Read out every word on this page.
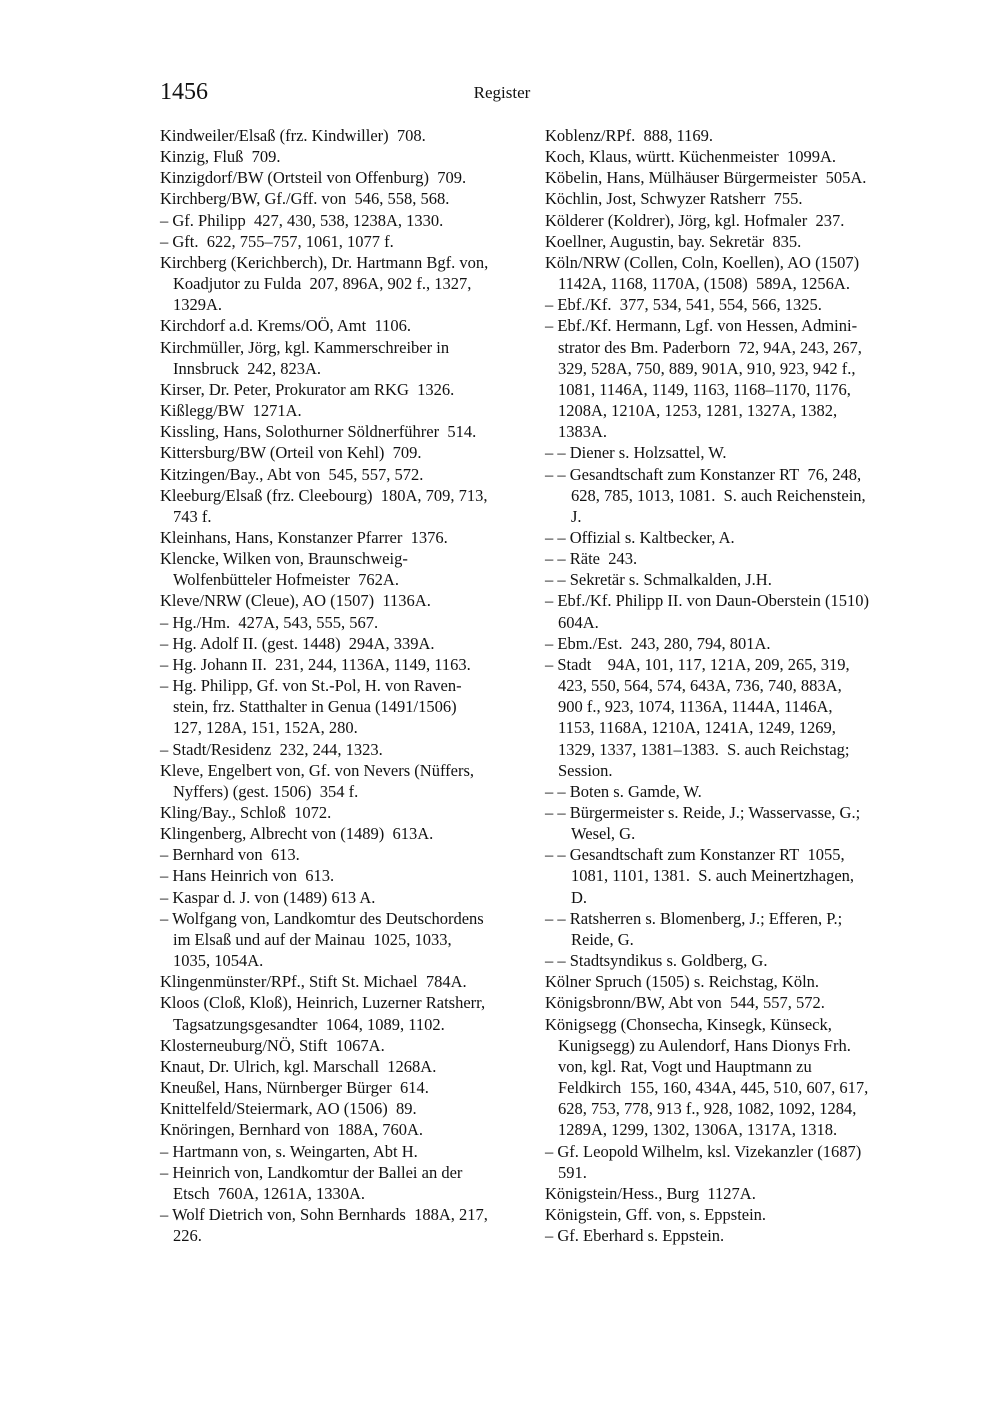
1456	Register
Kindweiler/Elsaß (frz. Kindwiller) 708.
Kinzig, Fluß 709.
Kinzigdorf/BW (Ortsteil von Offenburg) 709.
Kirchberg/BW, Gf./Gff. von 546, 558, 568.
– Gf. Philipp 427, 430, 538, 1238A, 1330.
– Gft. 622, 755–757, 1061, 1077 f.
Kirchberg (Kerichberch), Dr. Hartmann Bgf. von,
Koadjutor zu Fulda 207, 896A, 902 f., 1327,
1329A.
Kirchdorf a.d. Krems/OÖ, Amt 1106.
Kirchmüller, Jörg, kgl. Kammerschreiber in
Innsbruck 242, 823A.
Kirser, Dr. Peter, Prokurator am RKG 1326.
Kißlegg/BW 1271A.
Kissling, Hans, Solothurner Söldnerführer 514.
Kittersburg/BW (Orteil von Kehl) 709.
Kitzingen/Bay., Abt von 545, 557, 572.
Kleeburg/Elsaß (frz. Cleebourg) 180A, 709, 713,
743 f.
Kleinhans, Hans, Konstanzer Pfarrer 1376.
Klencke, Wilken von, Braunschweig-
Wolfenbütteler Hofmeister 762A.
Kleve/NRW (Cleue), AO (1507) 1136A.
– Hg./Hm. 427A, 543, 555, 567.
– Hg. Adolf II. (gest. 1448) 294A, 339A.
– Hg. Johann II. 231, 244, 1136A, 1149, 1163.
– Hg. Philipp, Gf. von St.-Pol, H. von Raven-
stein, frz. Statthalter in Genua (1491/1506)
127, 128A, 151, 152A, 280.
– Stadt/Residenz 232, 244, 1323.
Kleve, Engelbert von, Gf. von Nevers (Nüffers,
Nyffers) (gest. 1506) 354 f.
Kling/Bay., Schloß 1072.
Klingenberg, Albrecht von (1489) 613A.
– Bernhard von 613.
– Hans Heinrich von 613.
– Kaspar d. J. von (1489) 613 A.
– Wolfgang von, Landkomtur des Deutschordens
im Elsaß und auf der Mainau 1025, 1033,
1035, 1054A.
Klingenmünster/RPf., Stift St. Michael 784A.
Kloos (Cloß, Kloß), Heinrich, Luzerner Ratsherr,
Tagsatzungsgesandter 1064, 1089, 1102.
Klosterneuburg/NÖ, Stift 1067A.
Knaut, Dr. Ulrich, kgl. Marschall 1268A.
Kneußel, Hans, Nürnberger Bürger 614.
Knittelfeld/Steiermark, AO (1506) 89.
Knöringen, Bernhard von 188A, 760A.
– Hartmann von, s. Weingarten, Abt H.
– Heinrich von, Landkomtur der Ballei an der
Etsch 760A, 1261A, 1330A.
– Wolf Dietrich von, Sohn Bernhards 188A, 217,
226.
Koblenz/RPf. 888, 1169.
Koch, Klaus, württ. Küchenmeister 1099A.
Köbelin, Hans, Mülhäuser Bürgermeister 505A.
Köchlin, Jost, Schwyzer Ratsherr 755.
Kölderer (Koldrer), Jörg, kgl. Hofmaler 237.
Koellner, Augustin, bay. Sekretär 835.
Köln/NRW (Collen, Coln, Koellen), AO (1507)
1142A, 1168, 1170A, (1508) 589A, 1256A.
– Ebf./Kf. 377, 534, 541, 554, 566, 1325.
– Ebf./Kf. Hermann, Lgf. von Hessen, Admini-
strator des Bm. Paderborn 72, 94A, 243, 267,
329, 528A, 750, 889, 901A, 910, 923, 942 f.,
1081, 1146A, 1149, 1163, 1168–1170, 1176,
1208A, 1210A, 1253, 1281, 1327A, 1382,
1383A.
– – Diener s. Holzsattel, W.
– – Gesandtschaft zum Konstanzer RT 76, 248,
628, 785, 1013, 1081. S. auch Reichenstein,
J.
– – Offizial s. Kaltbecker, A.
– – Räte 243.
– – Sekretär s. Schmalkalden, J.H.
– Ebf./Kf. Philipp II. von Daun-Oberstein (1510)
604A.
– Ebm./Est. 243, 280, 794, 801A.
– Stadt  94A, 101, 117, 121A, 209, 265, 319,
423, 550, 564, 574, 643A, 736, 740, 883A,
900 f., 923, 1074, 1136A, 1144A, 1146A,
1153, 1168A, 1210A, 1241A, 1249, 1269,
1329, 1337, 1381–1383. S. auch Reichstag;
Session.
– – Boten s. Gamde, W.
– – Bürgermeister s. Reide, J.; Wasservasse, G.;
Wesel, G.
– – Gesandtschaft zum Konstanzer RT 1055,
1081, 1101, 1381. S. auch Meinertzhagen,
D.
– – Ratsherren s. Blomenberg, J.; Efferen, P.;
Reide, G.
– – Stadtsyndikus s. Goldberg, G.
Kölner Spruch (1505) s. Reichstag, Köln.
Königsbronn/BW, Abt von 544, 557, 572.
Königsegg (Chonsecha, Kinsegk, Künseck,
Kunigsegg) zu Aulendorf, Hans Dionys Frh.
von, kgl. Rat, Vogt und Hauptmann zu
Feldkirch 155, 160, 434A, 445, 510, 607, 617,
628, 753, 778, 913 f., 928, 1082, 1092, 1284,
1289A, 1299, 1302, 1306A, 1317A, 1318.
– Gf. Leopold Wilhelm, ksl. Vizekanzler (1687)
591.
Königstein/Hess., Burg 1127A.
Königstein, Gff. von, s. Eppstein.
– Gf. Eberhard s. Eppstein.
